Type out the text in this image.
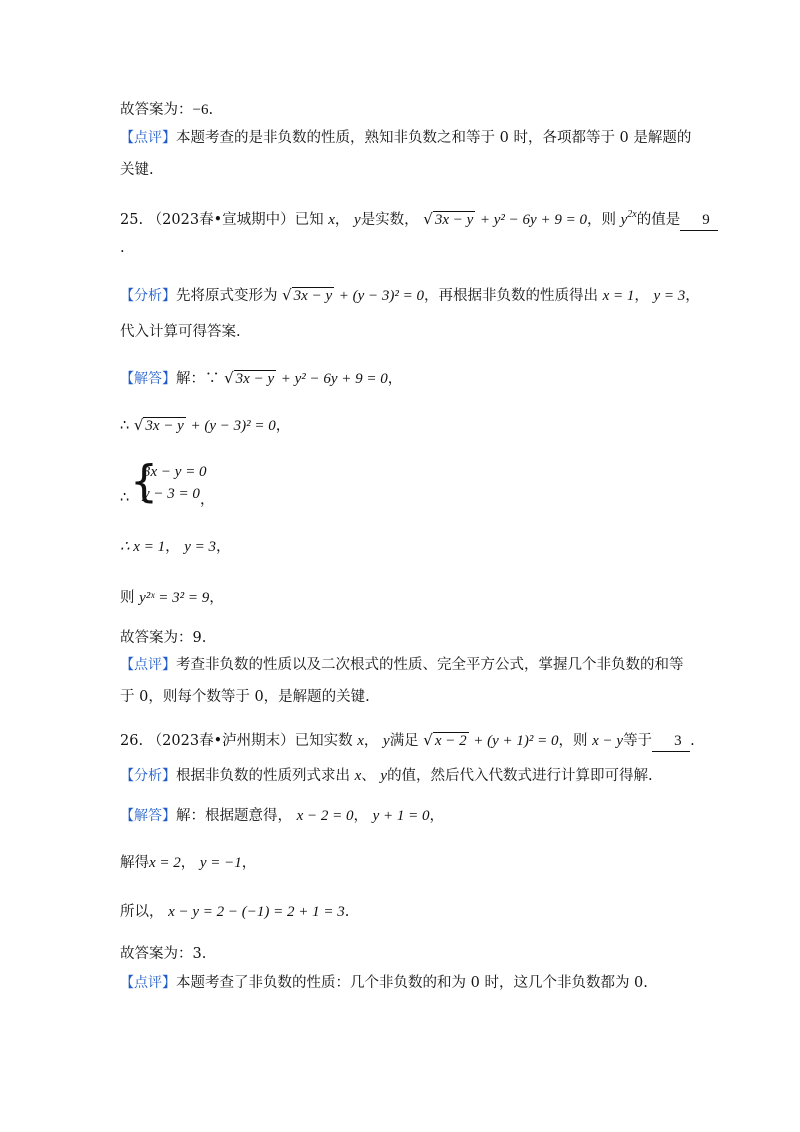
故答案为：−6.
【点评】本题考查的是非负数的性质，熟知非负数之和等于 0 时，各项都等于 0 是解题的
关键.
25. （2023春•宣城期中）已知 x， y是实数， √ 3x − y + y² − 6y + 9 = 0，则 $y^{2x}$的值是 9
.
【分析】先将原式变形为 √ 3x − y + (y − 3)² = 0，再根据非负数的性质得出 x = 1， y = 3，
代入计算可得答案.
【解答】解：∵ √ 3x − y + y² − 6y + 9 = 0，
∴ √ 3x − y + (y − 3)² = 0，
∴ {
3x − y = 0
y − 3 = 0 ，
∴ x = 1， y = 3，
则 y²ˣ = 3² = 9，
故答案为：9.
【点评】考查非负数的性质以及二次根式的性质、完全平方公式，掌握几个非负数的和等
于 0，则每个数等于 0，是解题的关键.
26. （2023春•泸州期末）已知实数 x， y满足 √ x − 2 + (y + 1)² = 0，则 x − y等于 3 .
【分析】根据非负数的性质列式求出 x、 y的值，然后代入代数式进行计算即可得解.
【解答】解：根据题意得， x − 2 = 0， y + 1 = 0，
解得x = 2， y = −1，
所以， x − y = 2 − (−1) = 2 + 1 = 3.
故答案为：3.
【点评】本题考查了非负数的性质：几个非负数的和为 0 时，这几个非负数都为 0.
